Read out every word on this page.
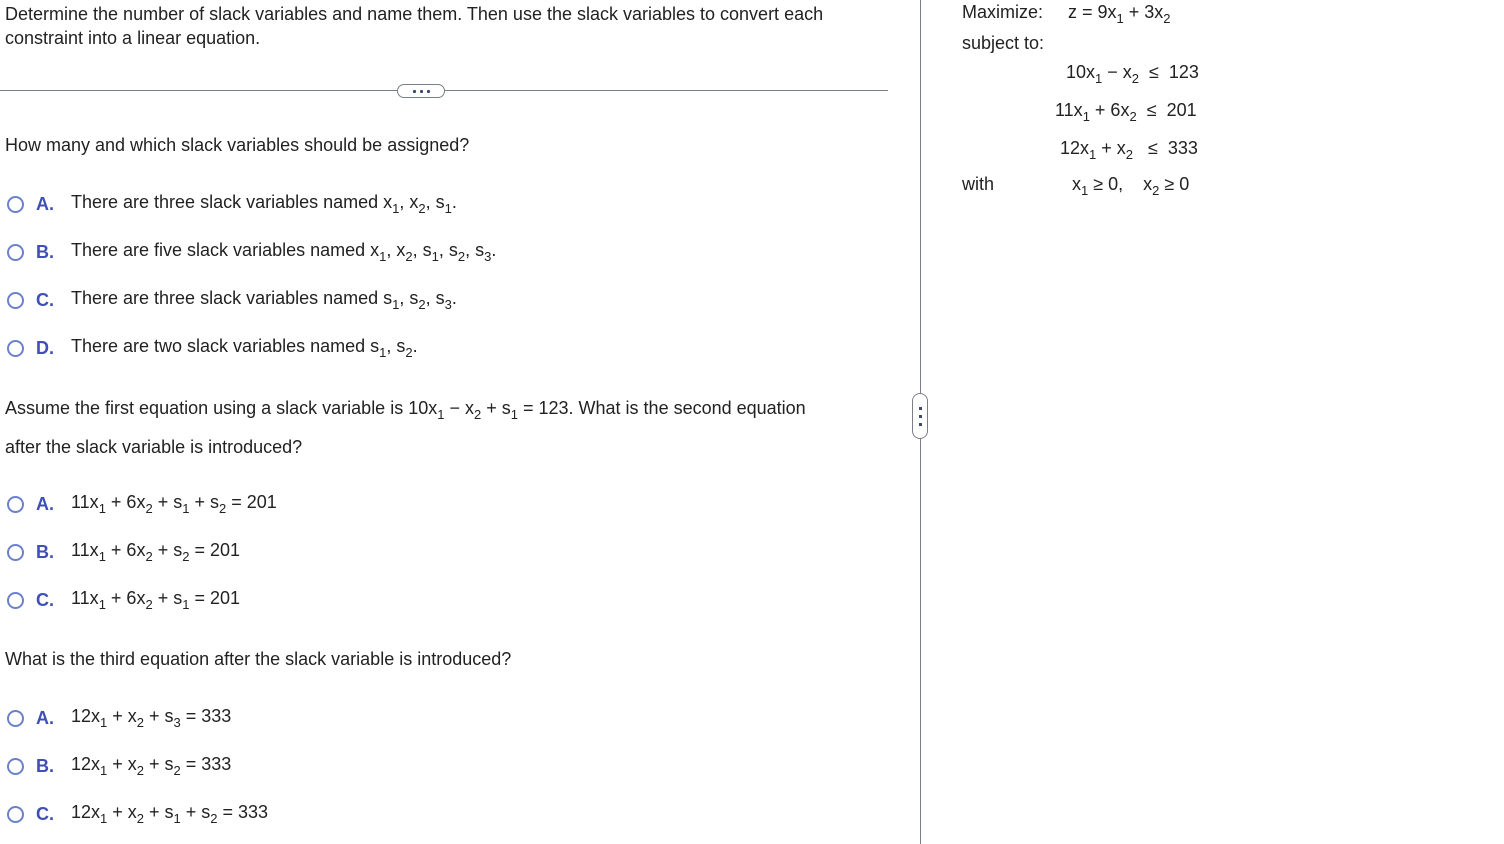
Determine the number of slack variables and name them. Then use the slack variables to convert each constraint into a linear equation.
How many and which slack variables should be assigned?
A. There are three slack variables named $x_1$, $x_2$, $s_1$.
B. There are five slack variables named $x_1$, $x_2$, $s_1$, $s_2$, $s_3$.
C. There are three slack variables named $s_1$, $s_2$, $s_3$.
D. There are two slack variables named $s_1$, $s_2$.
Assume the first equation using a slack variable is $10x_1 - x_2 + s_1 = 123$. What is the second equation
after the slack variable is introduced?
A. $11x_1 + 6x_2 + s_1 + s_2 = 201$
B. $11x_1 + 6x_2 + s_2 = 201$
C. $11x_1 + 6x_2 + s_1 = 201$
What is the third equation after the slack variable is introduced?
A. $12x_1 + x_2 + s_3 = 333$
B. $12x_1 + x_2 + s_2 = 333$
C. $12x_1 + x_2 + s_1 + s_2 = 333$
Maximize: $z = 9x_1 + 3x_2$
subject to:
$10x_1 - x_2 \le 123$
$11x_1 + 6x_2 \le 201$
$12x_1 + x_2 \le 333$
with	$x_1 \ge 0$,    $x_2 \ge 0$
